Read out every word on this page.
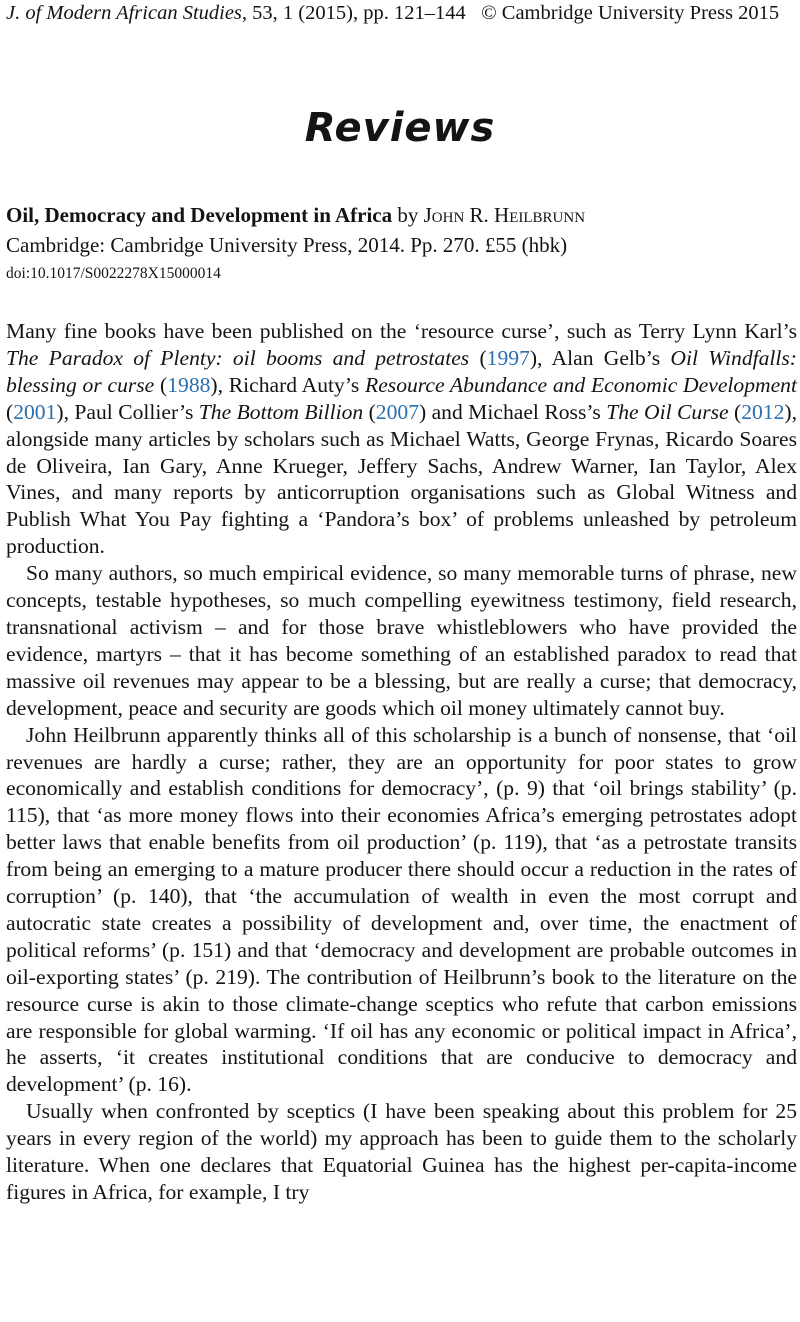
J. of Modern African Studies, 53, 1 (2015), pp. 121–144 © Cambridge University Press 2015
Reviews
Oil, Democracy and Development in Africa by John R. Heilbrunn
Cambridge: Cambridge University Press, 2014. Pp. 270. £55 (hbk)
doi:10.1017/S0022278X15000014

Many fine books have been published on the ‘resource curse’, such as Terry Lynn Karl’s The Paradox of Plenty: oil booms and petrostates (1997), Alan Gelb’s Oil Windfalls: blessing or curse (1988), Richard Auty’s Resource Abundance and Economic Development (2001), Paul Collier’s The Bottom Billion (2007) and Michael Ross’s The Oil Curse (2012), alongside many articles by scholars such as Michael Watts, George Frynas, Ricardo Soares de Oliveira, Ian Gary, Anne Krueger, Jeffery Sachs, Andrew Warner, Ian Taylor, Alex Vines, and many reports by anticorruption organisations such as Global Witness and Publish What You Pay fighting a ‘Pandora’s box’ of problems unleashed by petroleum production.

So many authors, so much empirical evidence, so many memorable turns of phrase, new concepts, testable hypotheses, so much compelling eyewitness testimony, field research, transnational activism – and for those brave whistleblowers who have provided the evidence, martyrs – that it has become something of an established paradox to read that massive oil revenues may appear to be a blessing, but are really a curse; that democracy, development, peace and security are goods which oil money ultimately cannot buy.

John Heilbrunn apparently thinks all of this scholarship is a bunch of nonsense, that ‘oil revenues are hardly a curse; rather, they are an opportunity for poor states to grow economically and establish conditions for democracy’, (p. 9) that ‘oil brings stability’ (p. 115), that ‘as more money flows into their economies Africa’s emerging petrostates adopt better laws that enable benefits from oil production’ (p. 119), that ‘as a petrostate transits from being an emerging to a mature producer there should occur a reduction in the rates of corruption’ (p. 140), that ‘the accumulation of wealth in even the most corrupt and autocratic state creates a possibility of development and, over time, the enactment of political reforms’ (p. 151) and that ‘democracy and development are probable outcomes in oil-exporting states’ (p. 219). The contribution of Heilbrunn’s book to the literature on the resource curse is akin to those climate-change sceptics who refute that carbon emissions are responsible for global warming. ‘If oil has any economic or political impact in Africa’, he asserts, ‘it creates institutional conditions that are conducive to democracy and development’ (p. 16).

Usually when confronted by sceptics (I have been speaking about this problem for 25 years in every region of the world) my approach has been to guide them to the scholarly literature. When one declares that Equatorial Guinea has the highest per-capita-income figures in Africa, for example, I try
